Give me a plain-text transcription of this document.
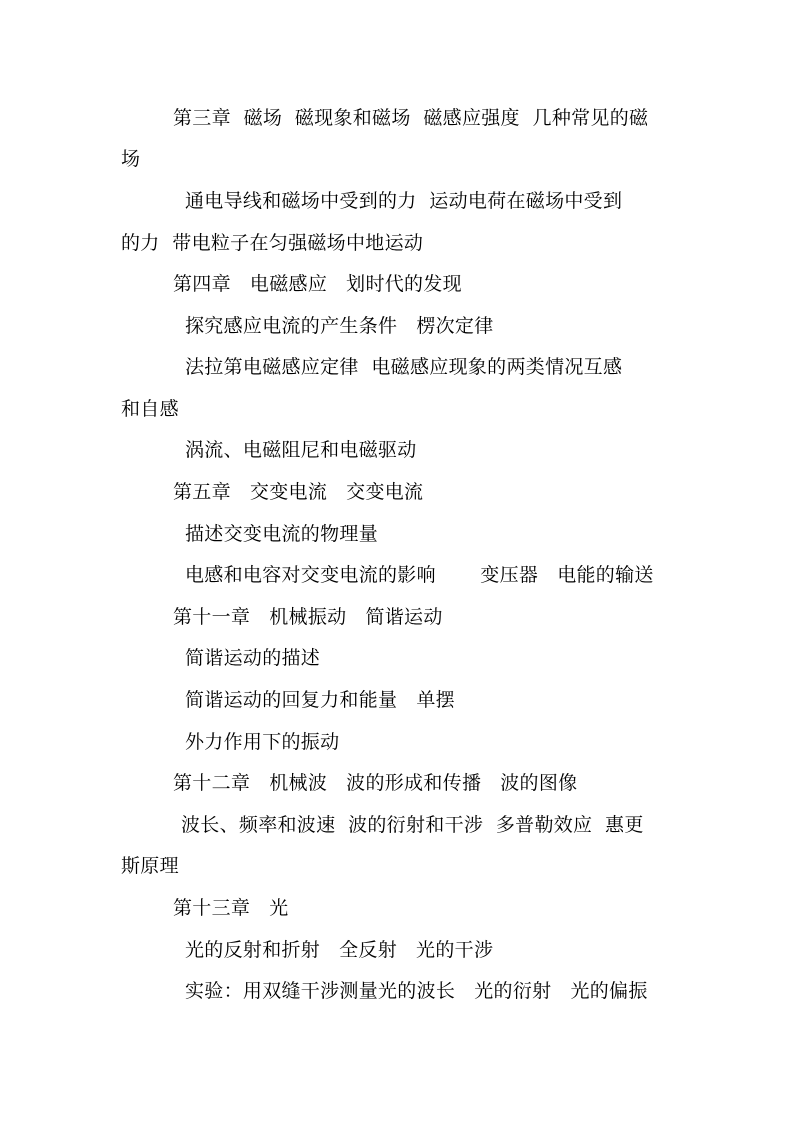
第三章  磁场  磁现象和磁场  磁感应强度  几种常见的磁
场
通电导线和磁场中受到的力  运动电荷在磁场中受到
的力  带电粒子在匀强磁场中地运动
第四章   电磁感应   划时代的发现
探究感应电流的产生条件   楞次定律
法拉第电磁感应定律  电磁感应现象的两类情况互感
和自感
涡流、电磁阻尼和电磁驱动
第五章   交变电流   交变电流
描述交变电流的物理量
电感和电容对交变电流的影响       变压器   电能的输送
第十一章   机械振动   简谐运动
简谐运动的描述
简谐运动的回复力和能量   单摆
外力作用下的振动
第十二章   机械波   波的形成和传播   波的图像
波长、频率和波速  波的衍射和干涉  多普勒效应  惠更
斯原理
第十三章   光
光的反射和折射   全反射   光的干涉
实验：用双缝干涉测量光的波长   光的衍射   光的偏振
